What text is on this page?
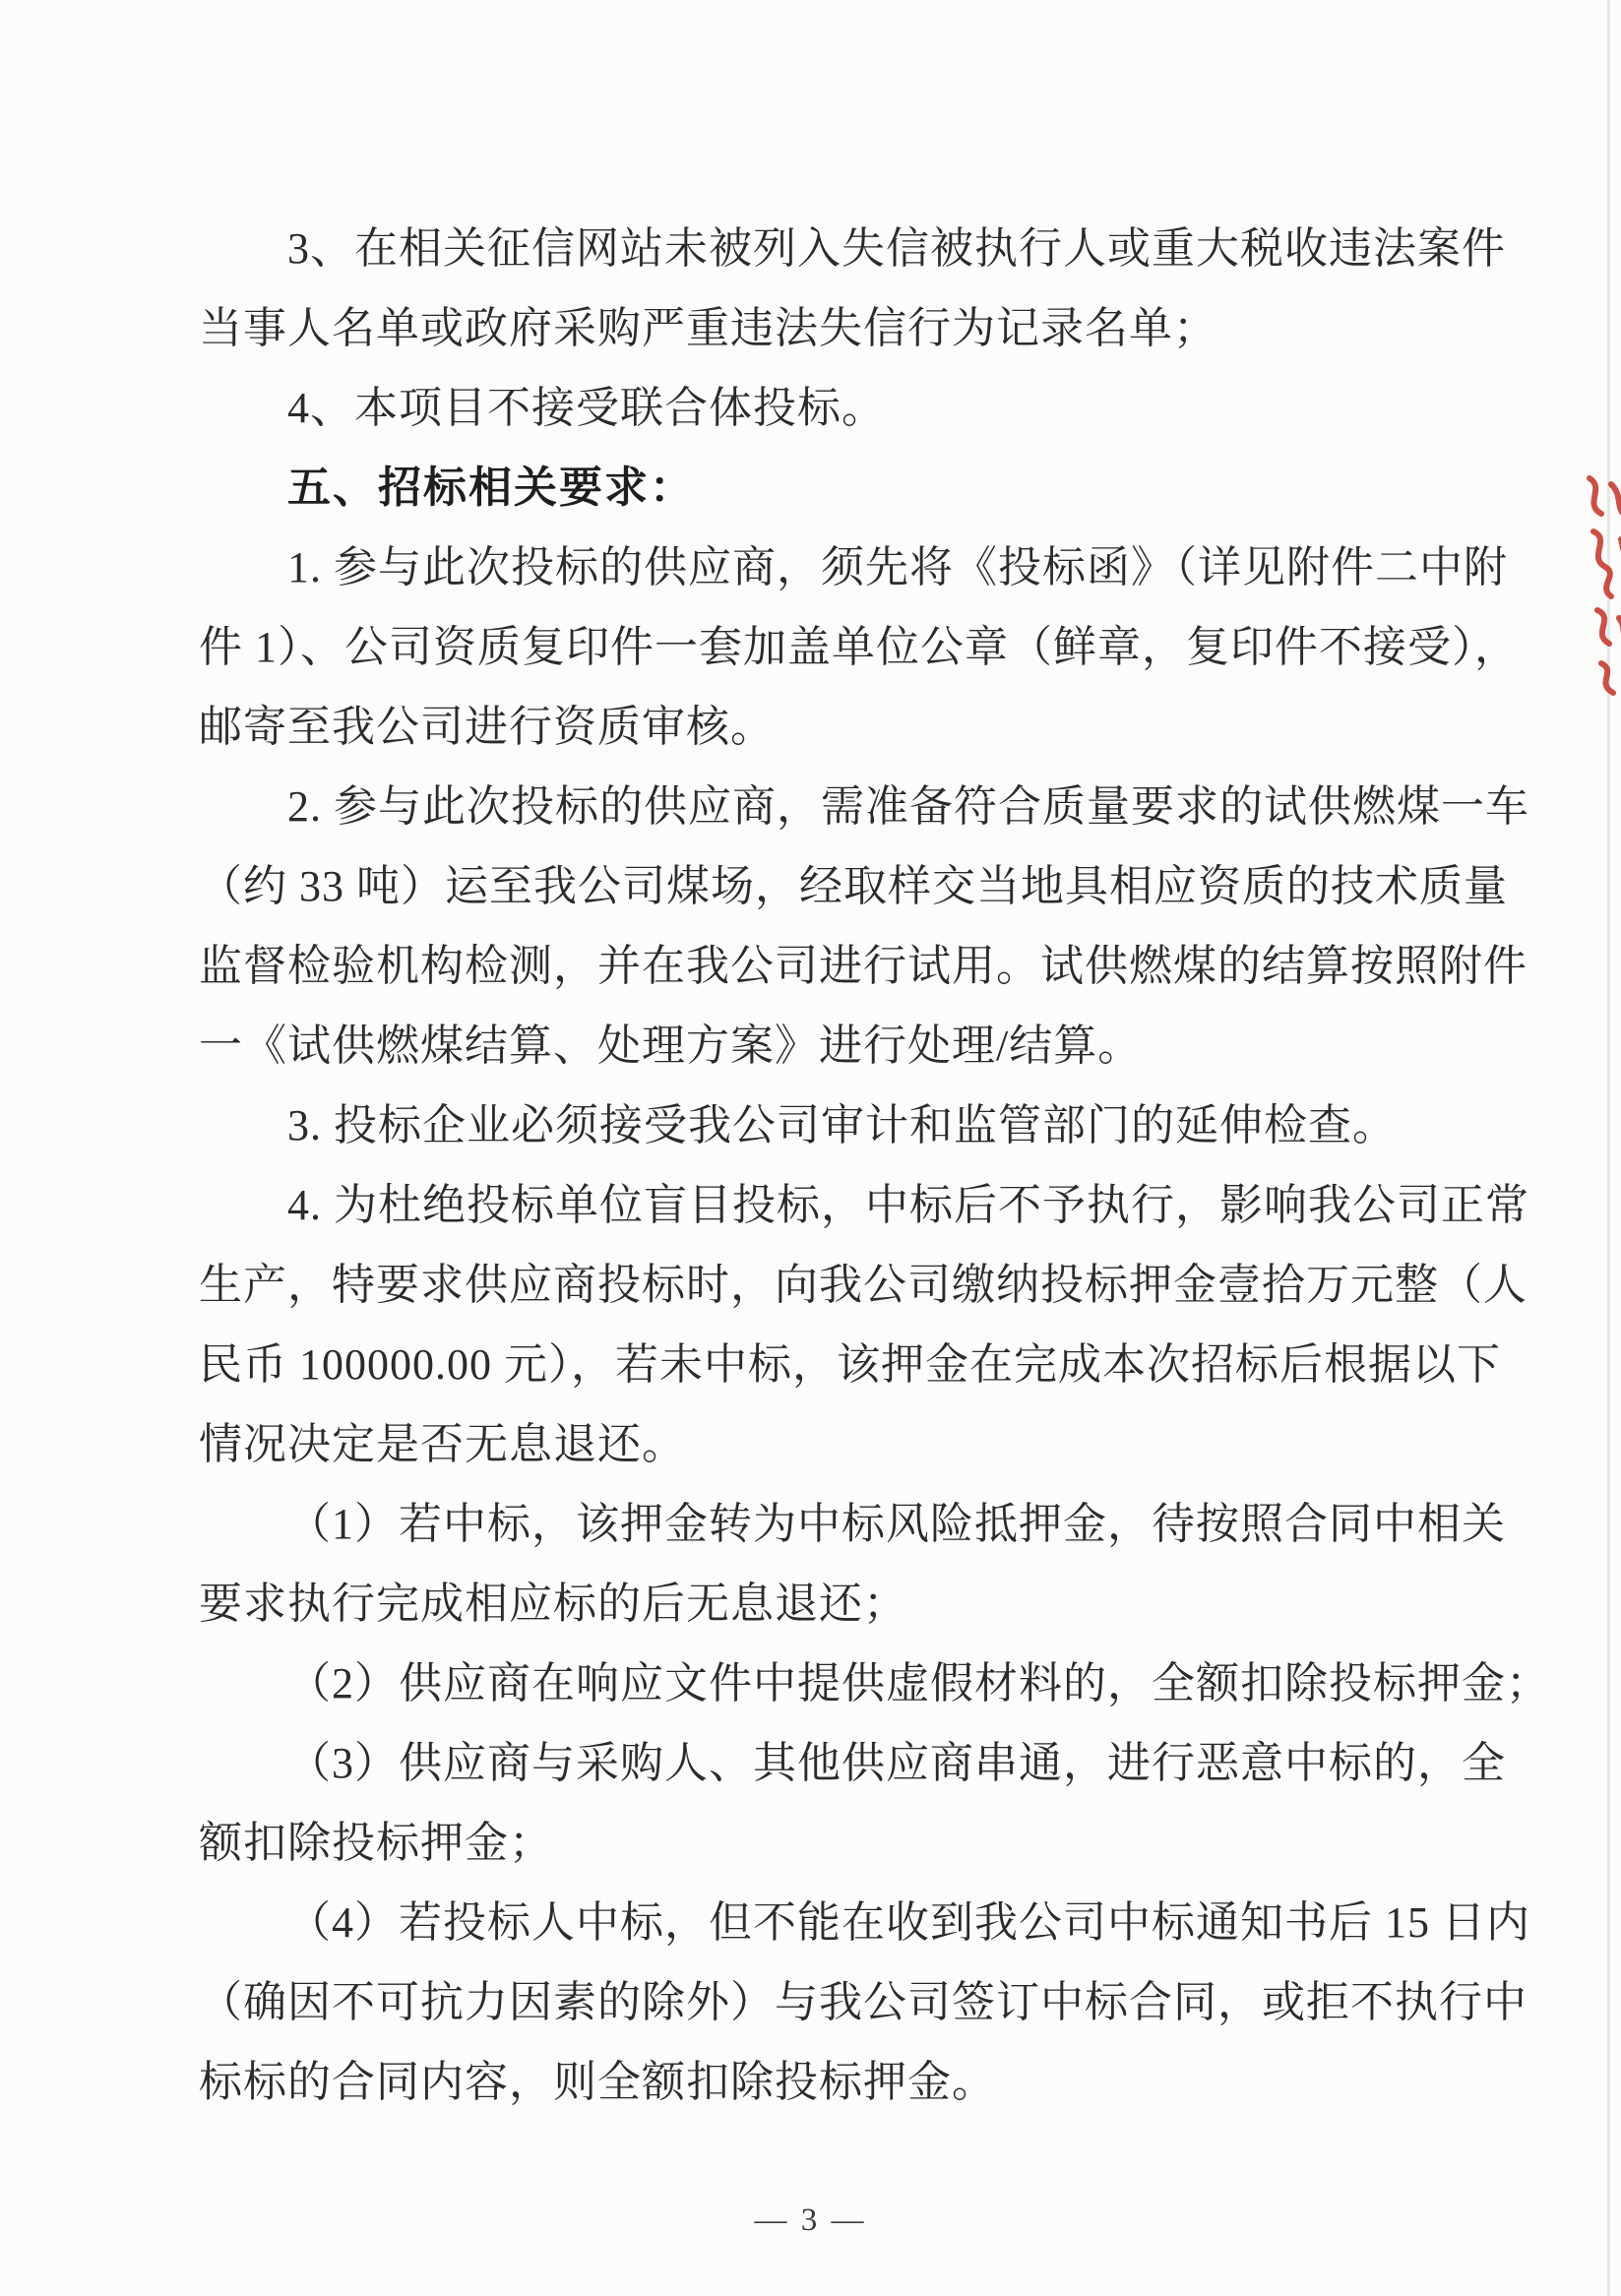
3、在相关征信网站未被列入失信被执行人或重大税收违法案件
当事人名单或政府采购严重违法失信行为记录名单；
4、本项目不接受联合体投标。
五、招标相关要求：
1. 参与此次投标的供应商，须先将《投标函》（详见附件二中附
件 1）、公司资质复印件一套加盖单位公章（鲜章，复印件不接受），
邮寄至我公司进行资质审核。
2. 参与此次投标的供应商，需准备符合质量要求的试供燃煤一车
（约 33 吨）运至我公司煤场，经取样交当地具相应资质的技术质量
监督检验机构检测，并在我公司进行试用。试供燃煤的结算按照附件
一《试供燃煤结算、处理方案》进行处理/结算。
3. 投标企业必须接受我公司审计和监管部门的延伸检查。
4. 为杜绝投标单位盲目投标，中标后不予执行，影响我公司正常
生产，特要求供应商投标时，向我公司缴纳投标押金壹拾万元整（人
民币 100000.00 元），若未中标，该押金在完成本次招标后根据以下
情况决定是否无息退还。
（1）若中标，该押金转为中标风险抵押金，待按照合同中相关
要求执行完成相应标的后无息退还；
（2）供应商在响应文件中提供虚假材料的，全额扣除投标押金；
（3）供应商与采购人、其他供应商串通，进行恶意中标的，全
额扣除投标押金；
（4）若投标人中标，但不能在收到我公司中标通知书后 15 日内
（确因不可抗力因素的除外）与我公司签订中标合同，或拒不执行中
标标的合同内容，则全额扣除投标押金。
— 3 —
